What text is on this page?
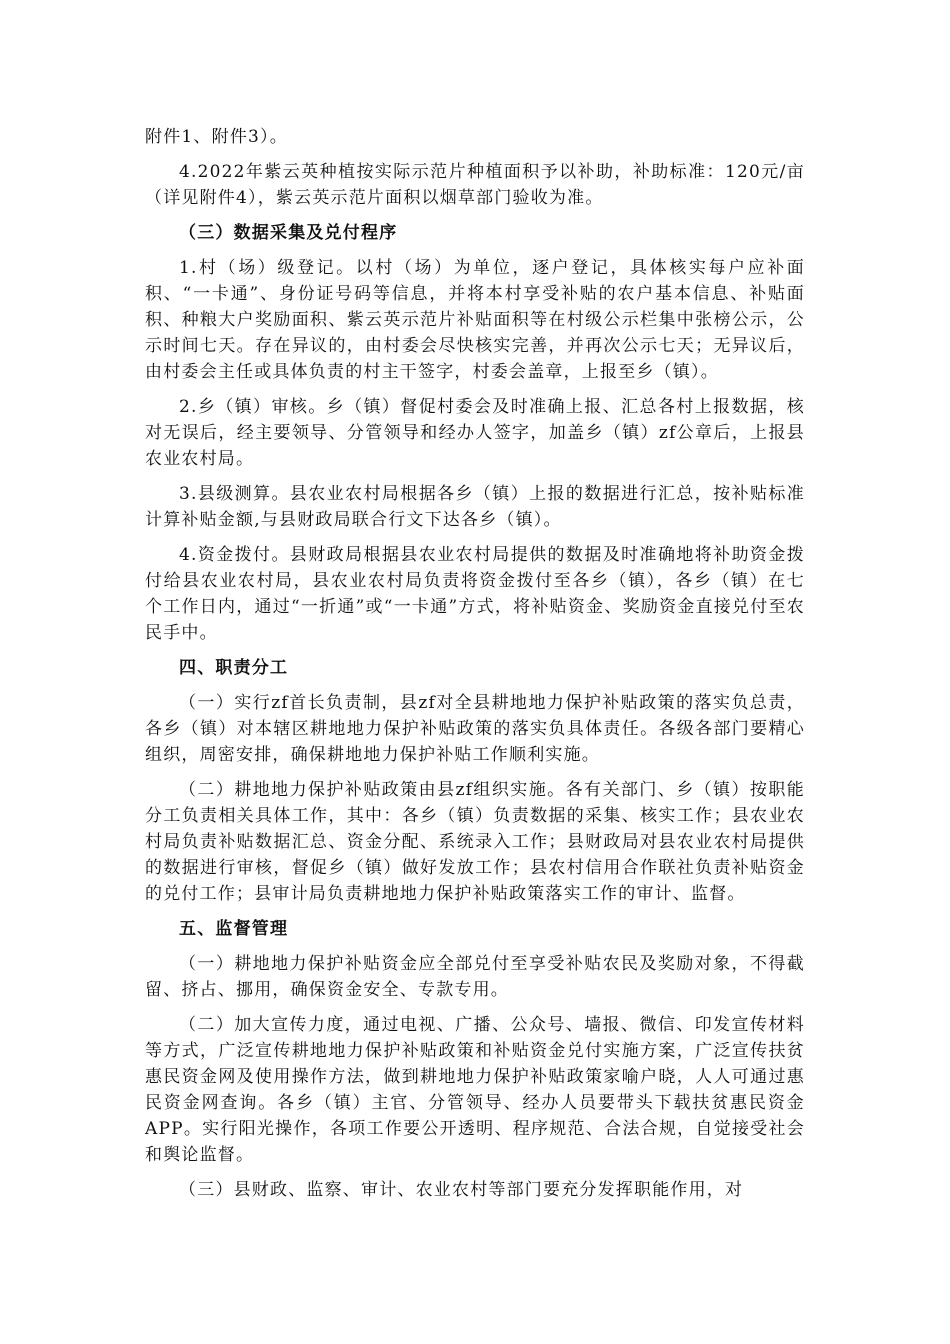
附件1、附件3）。

4.2022年紫云英种植按实际示范片种植面积予以补助，补助标准：120元/亩（详见附件4），紫云英示范片面积以烟草部门验收为准。

（三）数据采集及兑付程序

1.村（场）级登记。以村（场）为单位，逐户登记，具体核实每户应补面积、“一卡通”、身份证号码等信息，并将本村享受补贴的农户基本信息、补贴面积、种粮大户奖励面积、紫云英示范片补贴面积等在村级公示栏集中张榜公示，公示时间七天。存在异议的，由村委会尽快核实完善，并再次公示七天；无异议后，由村委会主任或具体负责的村主干签字，村委会盖章，上报至乡（镇）。

2.乡（镇）审核。乡（镇）督促村委会及时准确上报、汇总各村上报数据，核对无误后，经主要领导、分管领导和经办人签字，加盖乡（镇）zf公章后，上报县农业农村局。

3.县级测算。县农业农村局根据各乡（镇）上报的数据进行汇总，按补贴标准计算补贴金额,与县财政局联合行文下达各乡（镇）。

4.资金拨付。县财政局根据县农业农村局提供的数据及时准确地将补助资金拨付给县农业农村局，县农业农村局负责将资金拨付至各乡（镇），各乡（镇）在七个工作日内，通过“一折通”或“一卡通”方式，将补贴资金、奖励资金直接兑付至农民手中。

四、职责分工

（一）实行zf首长负责制，县zf对全县耕地地力保护补贴政策的落实负总责，各乡（镇）对本辖区耕地地力保护补贴政策的落实负具体责任。各级各部门要精心组织，周密安排，确保耕地地力保护补贴工作顺利实施。

（二）耕地地力保护补贴政策由县zf组织实施。各有关部门、乡（镇）按职能分工负责相关具体工作，其中：各乡（镇）负责数据的采集、核实工作；县农业农村局负责补贴数据汇总、资金分配、系统录入工作；县财政局对县农业农村局提供的数据进行审核，督促乡（镇）做好发放工作；县农村信用合作联社负责补贴资金的兑付工作；县审计局负责耕地地力保护补贴政策落实工作的审计、监督。

五、监督管理

（一）耕地地力保护补贴资金应全部兑付至享受补贴农民及奖励对象，不得截留、挤占、挪用，确保资金安全、专款专用。

（二）加大宣传力度，通过电视、广播、公众号、墙报、微信、印发宣传材料等方式，广泛宣传耕地地力保护补贴政策和补贴资金兑付实施方案，广泛宣传扶贫惠民资金网及使用操作方法，做到耕地地力保护补贴政策家喻户晓，人人可通过惠民资金网查询。各乡（镇）主官、分管领导、经办人员要带头下载扶贫惠民资金APP。实行阳光操作，各项工作要公开透明、程序规范、合法合规，自觉接受社会和舆论监督。

（三）县财政、监察、审计、农业农村等部门要充分发挥职能作用，对
